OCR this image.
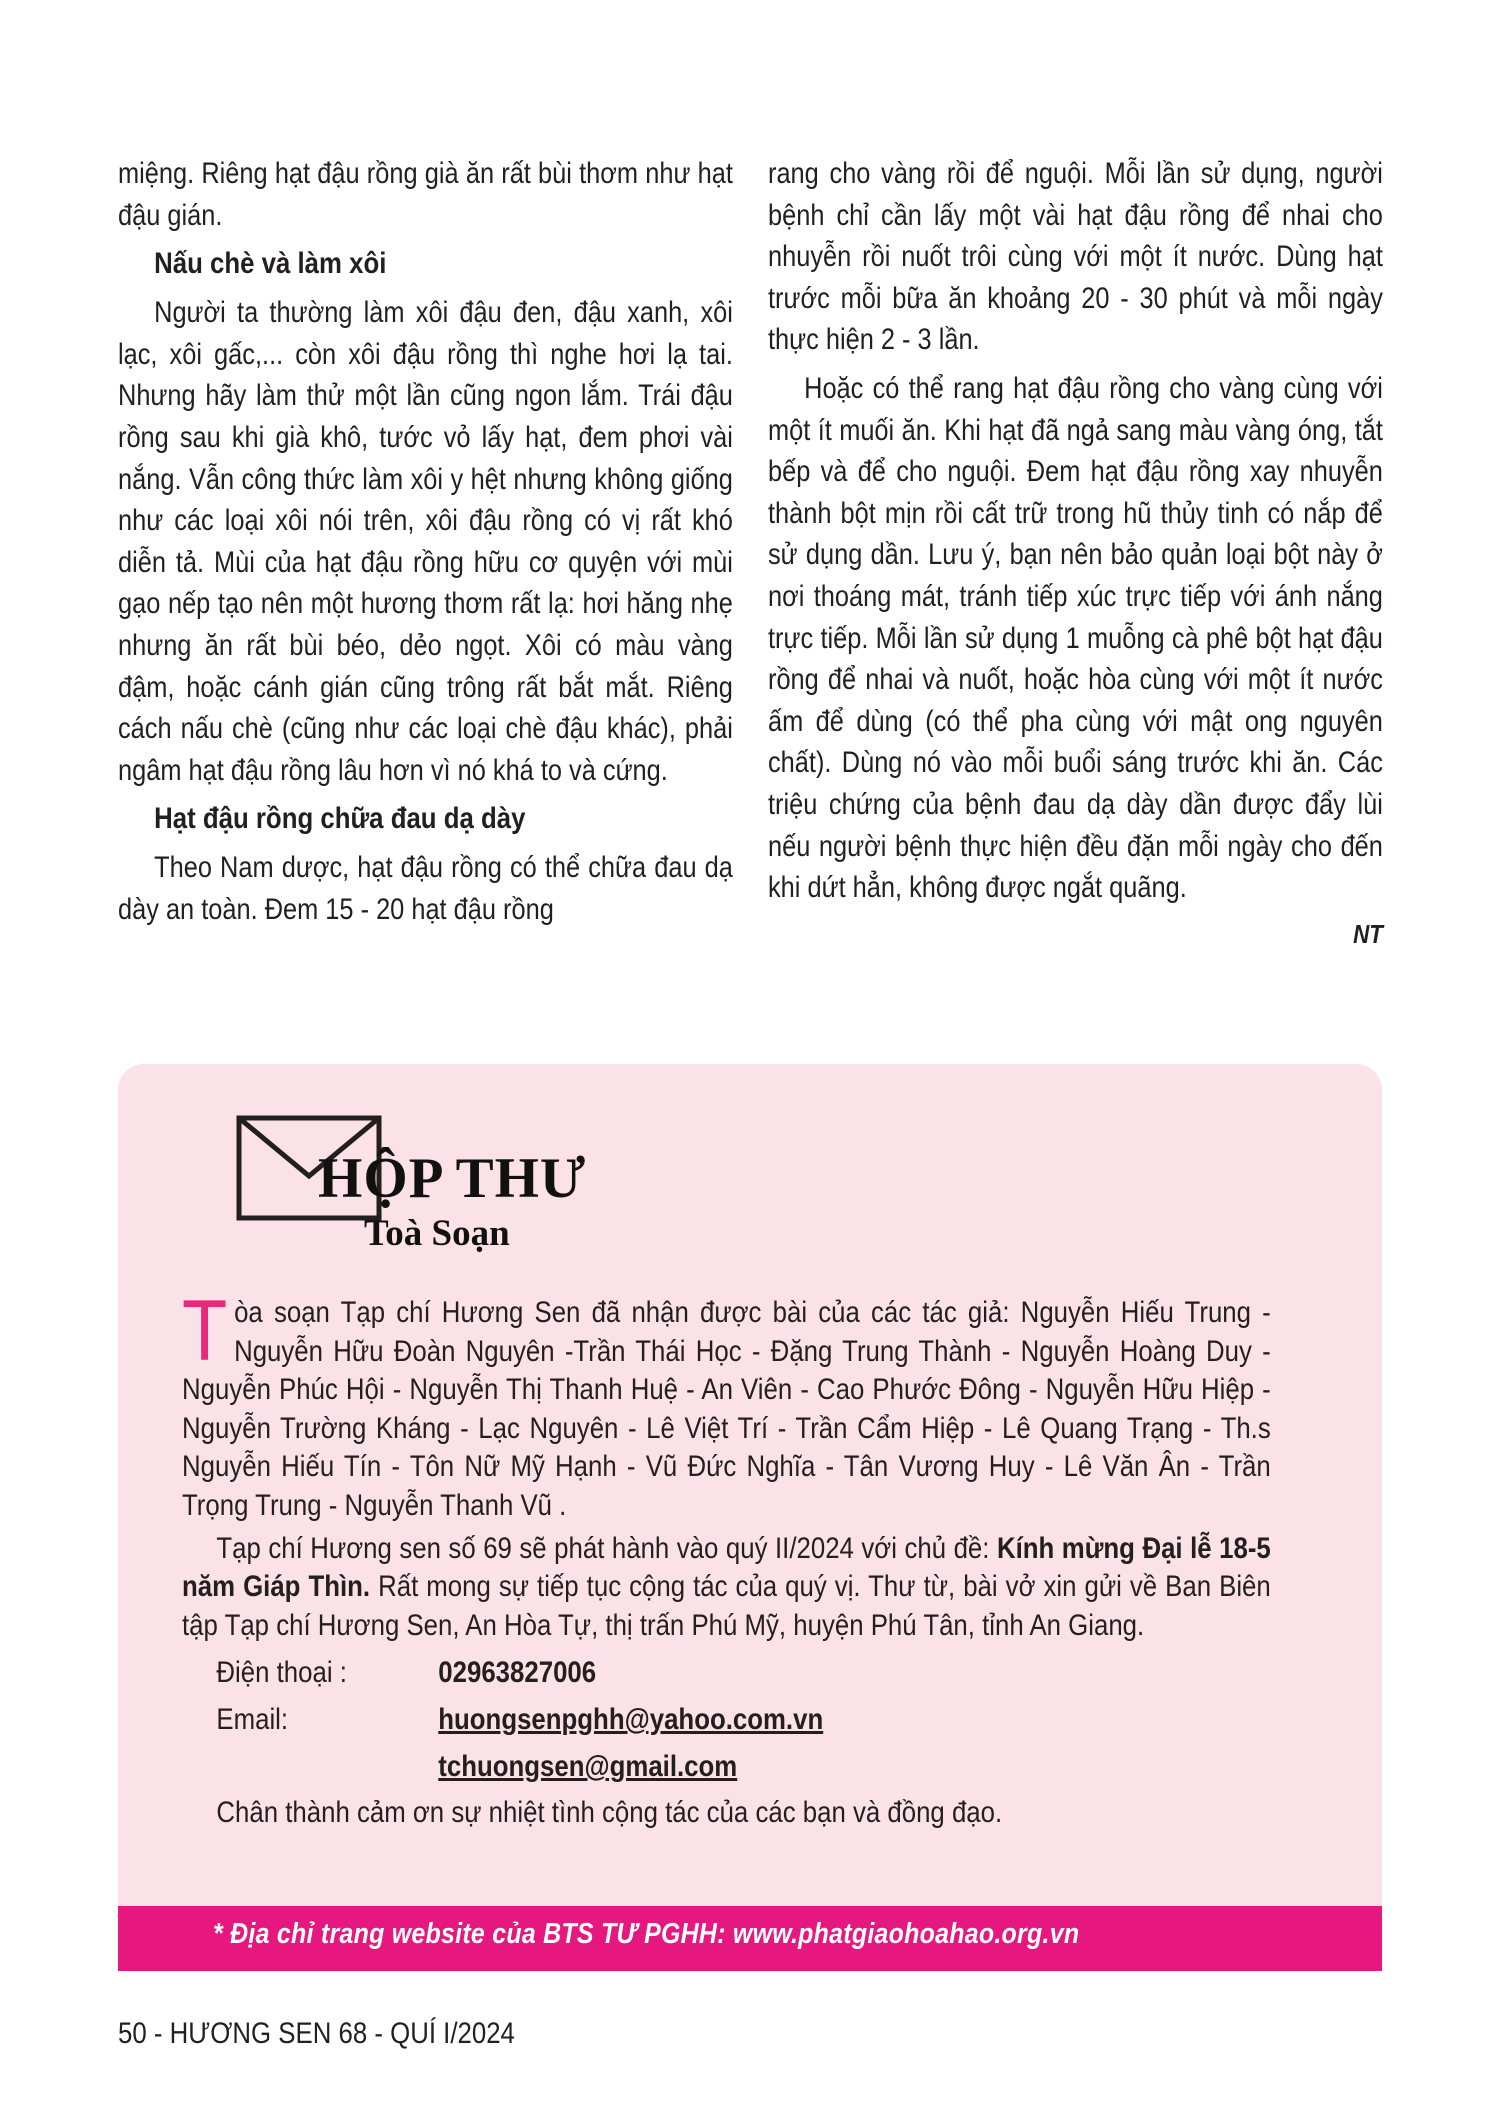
miệng. Riêng hạt đậu rồng già ăn rất bùi thơm như hạt đậu gián.

Nấu chè và làm xôi

Người ta thường làm xôi đậu đen, đậu xanh, xôi lạc, xôi gấc,... còn xôi đậu rồng thì nghe hơi lạ tai. Nhưng hãy làm thử một lần cũng ngon lắm. Trái đậu rồng sau khi già khô, tước vỏ lấy hạt, đem phơi vài nắng. Vẫn công thức làm xôi y hệt nhưng không giống như các loại xôi nói trên, xôi đậu rồng có vị rất khó diễn tả. Mùi của hạt đậu rồng hữu cơ quyện với mùi gạo nếp tạo nên một hương thơm rất lạ: hơi hăng nhẹ nhưng ăn rất bùi béo, dẻo ngọt. Xôi có màu vàng đậm, hoặc cánh gián cũng trông rất bắt mắt. Riêng cách nấu chè (cũng như các loại chè đậu khác), phải ngâm hạt đậu rồng lâu hơn vì nó khá to và cứng.

Hạt đậu rồng chữa đau dạ dày

Theo Nam dược, hạt đậu rồng có thể chữa đau dạ dày an toàn. Đem 15 - 20 hạt đậu rồng

rang cho vàng rồi để nguội. Mỗi lần sử dụng, người bệnh chỉ cần lấy một vài hạt đậu rồng để nhai cho nhuyễn rồi nuốt trôi cùng với một ít nước. Dùng hạt trước mỗi bữa ăn khoảng 20 - 30 phút và mỗi ngày thực hiện 2 - 3 lần.

Hoặc có thể rang hạt đậu rồng cho vàng cùng với một ít muối ăn. Khi hạt đã ngả sang màu vàng óng, tắt bếp và để cho nguội. Đem hạt đậu rồng xay nhuyễn thành bột mịn rồi cất trữ trong hũ thủy tinh có nắp để sử dụng dần. Lưu ý, bạn nên bảo quản loại bột này ở nơi thoáng mát, tránh tiếp xúc trực tiếp với ánh nắng trực tiếp. Mỗi lần sử dụng 1 muỗng cà phê bột hạt đậu rồng để nhai và nuốt, hoặc hòa cùng với một ít nước ấm để dùng (có thể pha cùng với mật ong nguyên chất). Dùng nó vào mỗi buổi sáng trước khi ăn. Các triệu chứng của bệnh đau dạ dày dần được đẩy lùi nếu người bệnh thực hiện đều đặn mỗi ngày cho đến khi dứt hẳn, không được ngắt quãng.

NT
HỘP THƯ
Toà Soạn

Tòa soạn Tạp chí Hương Sen đã nhận được bài của các tác giả: Nguyễn Hiếu Trung - Nguyễn Hữu Đoàn Nguyên -Trần Thái Học - Đặng Trung Thành - Nguyễn Hoàng Duy - Nguyễn Phúc Hội - Nguyễn Thị Thanh Huệ - An Viên - Cao Phước Đông - Nguyễn Hữu Hiệp - Nguyễn Trường Kháng - Lạc Nguyên - Lê Việt Trí - Trần Cẩm Hiệp - Lê Quang Trạng - Th.s Nguyễn Hiếu Tín - Tôn Nữ Mỹ Hạnh - Vũ Đức Nghĩa - Tân Vương Huy - Lê Văn Ân - Trần Trọng Trung - Nguyễn Thanh Vũ .

Tạp chí Hương sen số 69 sẽ phát hành vào quý II/2024 với chủ đề: Kính mừng Đại lễ 18-5 năm Giáp Thìn. Rất mong sự tiếp tục cộng tác của quý vị. Thư từ, bài vở xin gửi về Ban Biên tập Tạp chí Hương Sen, An Hòa Tự, thị trấn Phú Mỹ, huyện Phú Tân, tỉnh An Giang.

Điện thoại :	02963827006
Email:	huongsenpghh@yahoo.com.vn
tchuongsen@gmail.com

Chân thành cảm ơn sự nhiệt tình cộng tác của các bạn và đồng đạo.

* Địa chỉ trang website của BTS TƯ PGHH: www.phatgiaohoahao.org.vn
50 - HƯƠNG SEN 68 - QUÍ I/2024
